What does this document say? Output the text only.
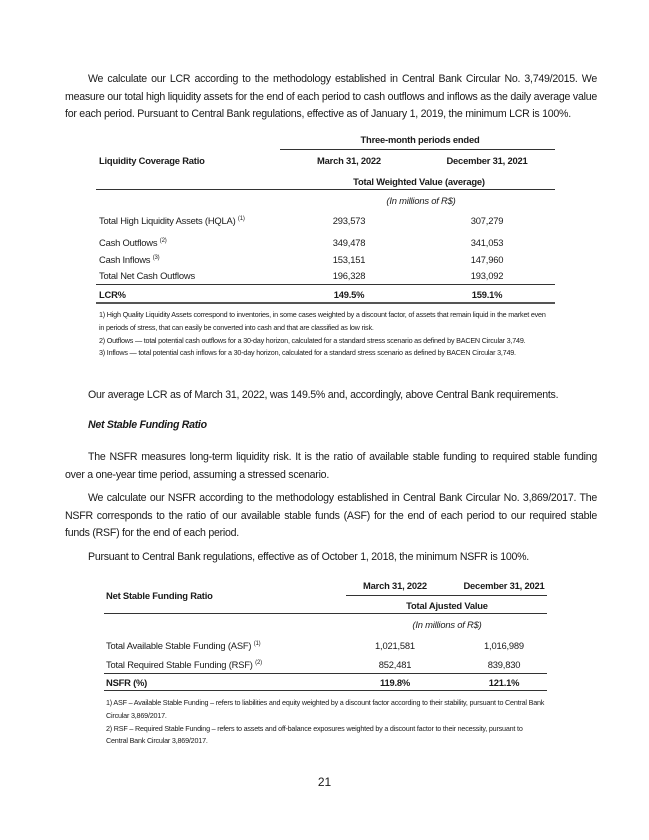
We calculate our LCR according to the methodology established in Central Bank Circular No. 3,749/2015. We measure our total high liquidity assets for the end of each period to cash outflows and inflows as the daily average value for each period. Pursuant to Central Bank regulations, effective as of January 1, 2019, the minimum LCR is 100%.

Three-month periods ended
Liquidity Coverage Ratio	March 31, 2022	December 31, 2021
Total Weighted Value (average)
(In millions of R$)
Total High Liquidity Assets (HQLA) $^{(1)}$	293,573	307,279
Cash Outflows $^{(2)}$	349,478	341,053
Cash Inflows $^{(3)}$	153,151	147,960
Total Net Cash Outflows	196,328	193,092
LCR%	149.5%	159.1%
1) High Quality Liquidity Assets correspond to inventories, in some cases weighted by a discount factor, of assets that remain liquid in the market even in periods of stress, that can easily be converted into cash and that are classified as low risk.
2) Outflows — total potential cash outflows for a 30-day horizon, calculated for a standard stress scenario as defined by BACEN Circular 3,749.
3) Inflows — total potential cash inflows for a 30-day horizon, calculated for a standard stress scenario as defined by BACEN Circular 3,749.

Our average LCR as of March 31, 2022, was 149.5% and, accordingly, above Central Bank requirements.

Net Stable Funding Ratio

The NSFR measures long-term liquidity risk. It is the ratio of available stable funding to required stable funding over a one-year time period, assuming a stressed scenario.

We calculate our NSFR according to the methodology established in Central Bank Circular No. 3,869/2017. The NSFR corresponds to the ratio of our available stable funds (ASF) for the end of each period to our required stable funds (RSF) for the end of each period.

Pursuant to Central Bank regulations, effective as of October 1, 2018, the minimum NSFR is 100%.

March 31, 2022	December 31, 2021
Net Stable Funding Ratio
Total Ajusted Value
(In millions of R$)
Total Available Stable Funding (ASF) $^{(1)}$	1,021,581	1,016,989
Total Required Stable Funding (RSF) $^{(2)}$	852,481	839,830
NSFR (%)	119.8%	121.1%
1) ASF – Available Stable Funding – refers to liabilities and equity weighted by a discount factor according to their stability, pursuant to Central Bank Circular 3,869/2017.
2) RSF – Required Stable Funding – refers to assets and off-balance exposures weighted by a discount factor to their necessity, pursuant to Central Bank Circular 3,869/2017.
21
